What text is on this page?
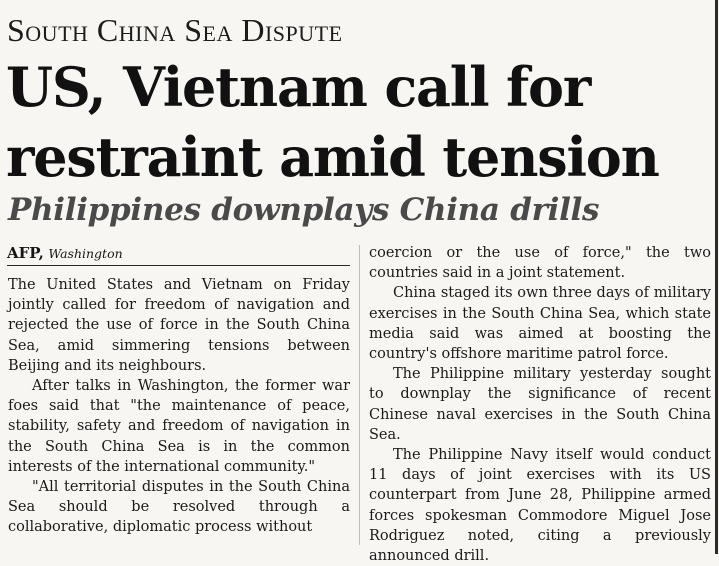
South China Sea Dispute
US, Vietnam call for restraint amid tension
Philippines downplays China drills
AFP, Washington

The United States and Vietnam on Friday jointly called for freedom of navigation and rejected the use of force in the South China Sea, amid simmering tensions between Beijing and its neighbours.

After talks in Washington, the former war foes said that "the maintenance of peace, stability, safety and freedom of navigation in the South China Sea is in the common interests of the international community."

"All territorial disputes in the South China Sea should be resolved through a collaborative, diplomatic process without

coercion or the use of force," the two countries said in a joint statement.

China staged its own three days of military exercises in the South China Sea, which state media said was aimed at boosting the country's offshore maritime patrol force.

The Philippine military yesterday sought to downplay the significance of recent Chinese naval exercises in the South China Sea.

The Philippine Navy itself would conduct 11 days of joint exercises with its US counterpart from June 28, Philippine armed forces spokesman Commodore Miguel Jose Rodriguez noted, citing a previously announced drill.
